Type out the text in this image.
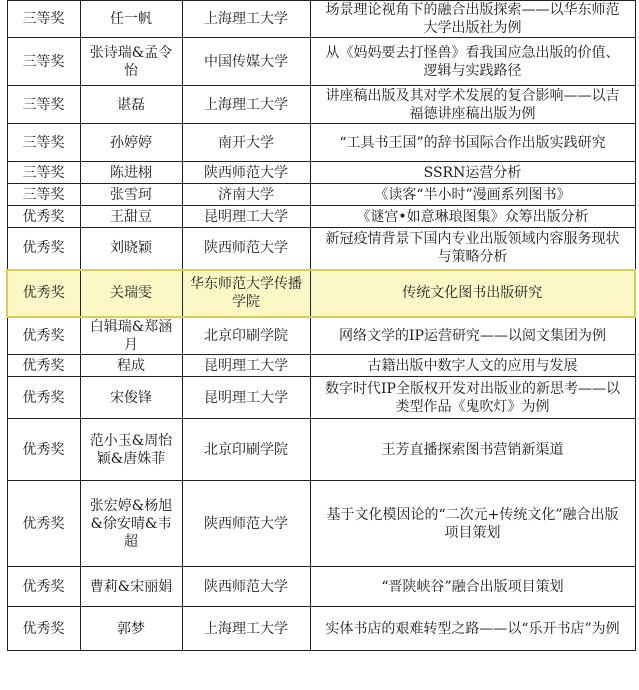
三等奖	任一帆	上海理工大学	场景理论视角下的融合出版探索——以华东师范大学出版社为例
三等奖	张诗瑞&孟令怡	中国传媒大学	从《妈妈要去打怪兽》看我国应急出版的价值、逻辑与实践路径
三等奖	谌磊	上海理工大学	讲座稿出版及其对学术发展的复合影响——以吉福德讲座稿出版为例
三等奖	孙婷婷	南开大学	“工具书王国”的辞书国际合作出版实践研究
三等奖	陈进栩	陕西师范大学	SSRN运营分析
三等奖	张雪珂	济南大学	《读客“半小时”漫画系列图书》
优秀奖	王甜豆	昆明理工大学	《谜宫•如意琳琅图集》众筹出版分析
优秀奖	刘晓颖	陕西师范大学	新冠疫情背景下国内专业出版领域内容服务现状与策略分析
优秀奖	关瑞雯	华东师范大学传播学院	传统文化图书出版研究
优秀奖	白辑瑞&郑涵月	北京印刷学院	网络文学的IP运营研究——以阅文集团为例
优秀奖	程成	昆明理工大学	古籍出版中数字人文的应用与发展
优秀奖	宋俊锋	昆明理工大学	数字时代IP全版权开发对出版业的新思考——以类型作品《鬼吹灯》为例
优秀奖	范小玉&周怡颖&唐姝菲	北京印刷学院	王芳直播探索图书营销新渠道
优秀奖	张宏婷&杨旭&徐安晴&韦超	陕西师范大学	基于文化模因论的“二次元+传统文化”融合出版项目策划
优秀奖	曹莉&宋丽娟	陕西师范大学	“晋陕峡谷”融合出版项目策划
优秀奖	郭梦	上海理工大学	实体书店的艰难转型之路——以“乐开书店”为例
